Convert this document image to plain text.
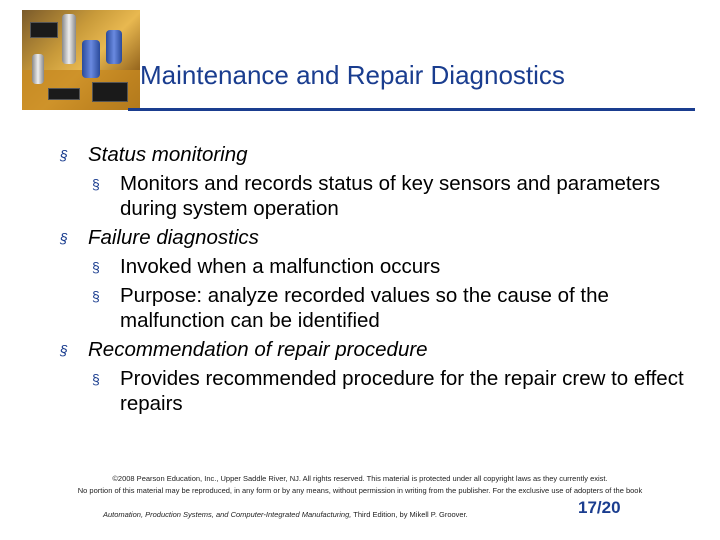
Maintenance and Repair Diagnostics
§ Status monitoring
§ Monitors and records status of key sensors and parameters during system operation
§ Failure diagnostics
§ Invoked when a malfunction occurs
§ Purpose: analyze recorded values so the cause of the malfunction can be identified
§ Recommendation of repair procedure
§ Provides recommended procedure for the repair crew to effect repairs
©2008 Pearson Education, Inc., Upper Saddle River, NJ. All rights reserved. This material is protected under all copyright laws as they currently exist.
No portion of this material may be reproduced, in any form or by any means, without permission in writing from the publisher. For the exclusive use of adopters of the book
Automation, Production Systems, and Computer-Integrated Manufacturing, Third Edition, by Mikell P. Groover.	17/20
